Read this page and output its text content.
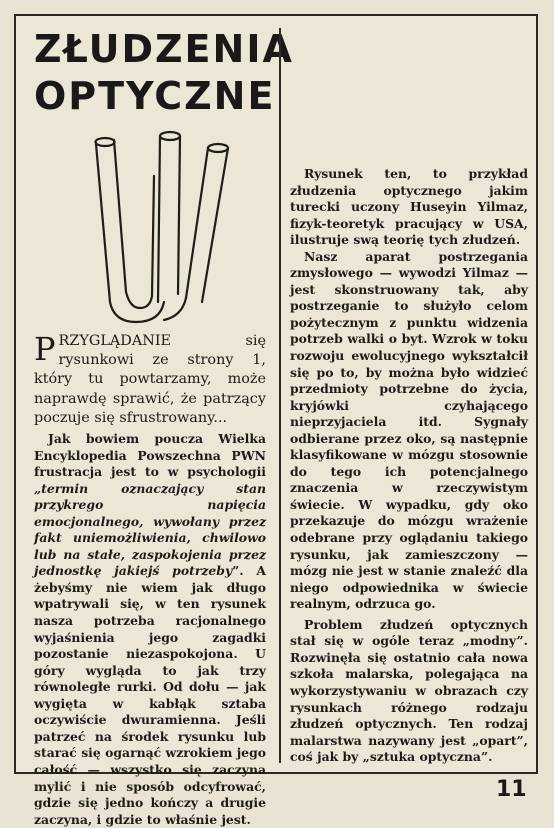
ZŁUDZENIA
OPTYCZNE
P RZYGLĄDANIE się rysunkowi ze strony 1, który tu powtarzamy, może naprawdę sprawić, że patrzący poczuje się sfrustrowany...

Jak bowiem poucza Wielka Encyklopedia Powszechna PWN frustracja jest to w psychologii „termin oznaczający stan przykrego napięcia emocjonalnego, wywołany przez fakt uniemożliwienia, chwilowo lub na stałe, zaspokojenia przez jednostkę jakiejś potrzeby”. A żebyśmy nie wiem jak długo wpatrywali się, w ten rysunek nasza potrzeba racjonalnego wyjaśnienia jego zagadki pozostanie niezaspokojona. U góry wygląda to jak trzy równoległe rurki. Od dołu — jak wygięta w kabłąk sztaba oczywiście dwuramienna. Jeśli patrzeć na środek rysunku lub starać się ogarnąć wzrokiem jego całość — wszystko się zaczyna mylić i nie sposób odcyfrować, gdzie się jedno kończy a drugie zaczyna, i gdzie to właśnie jest.

Rysunek ten, to przykład złudzenia optycznego jakim turecki uczony Huseyin Yilmaz, fizyk-teoretyk pracujący w USA, ilustruje swą teorię tych złudzeń.

Nasz aparat postrzegania zmysłowego — wywodzi Yilmaz — jest skonstruowany tak, aby postrzeganie to służyło celom pożytecznym z punktu widzenia potrzeb walki o byt. Wzrok w toku rozwoju ewolucyjnego wykształcił się po to, by można było widzieć przedmioty potrzebne do życia, kryjówki czyhającego nieprzyjaciela itd. Sygnały odbierane przez oko, są następnie klasyfikowane w mózgu stosownie do tego ich potencjalnego znaczenia w rzeczywistym świecie. W wypadku, gdy oko przekazuje do mózgu wrażenie odebrane przy oglądaniu takiego rysunku, jak zamieszczony — mózg nie jest w stanie znaleźć dla niego odpowiednika w świecie realnym, odrzuca go.

Problem złudzeń optycznych stał się w ogóle teraz „modny”. Rozwinęła się ostatnio cała nowa szkoła malarska, polegająca na wykorzystywaniu w obrazach czy rysunkach różnego rodzaju złudzeń optycznych. Ten rodzaj malarstwa nazywany jest „opart”, coś jak by „sztuka optyczna”.

11
